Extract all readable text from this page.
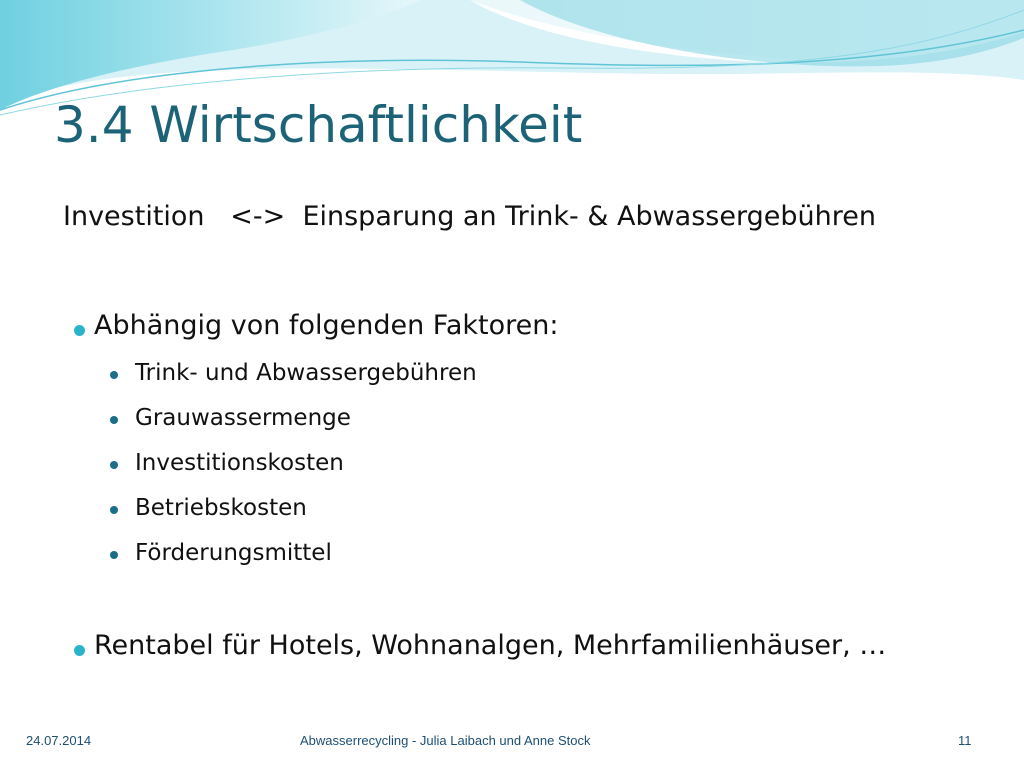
3.4 Wirtschaftlichkeit
Investition   <->  Einsparung an Trink- & Abwassergebühren
Abhängig von folgenden Faktoren:
Trink- und Abwassergebühren
Grauwassermenge
Investitionskosten
Betriebskosten
Förderungsmittel
Rentabel für Hotels, Wohnanalgen, Mehrfamilienhäuser, …
24.07.2014	Abwasserrecycling - Julia Laibach und Anne Stock	11
